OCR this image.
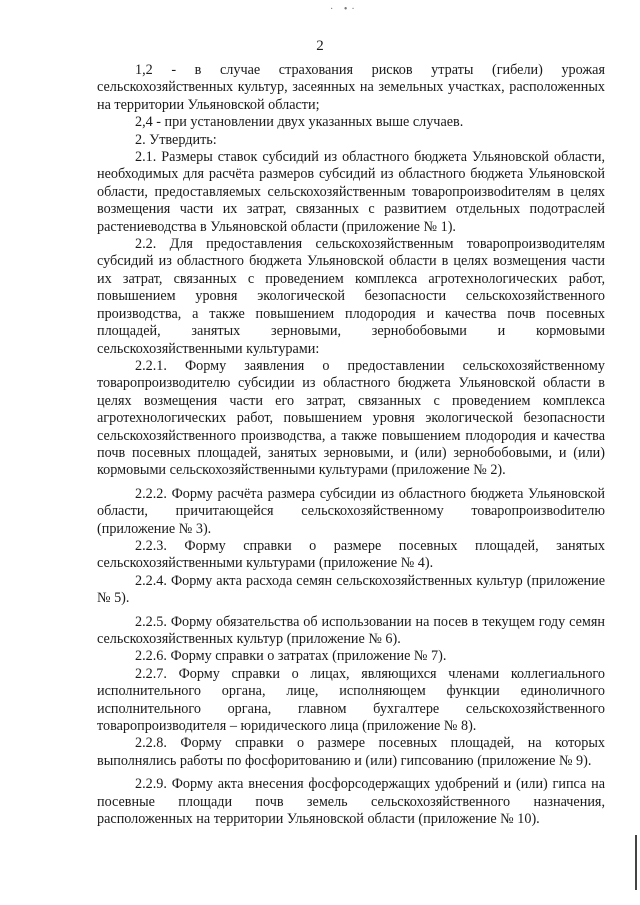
· •·
2

1,2 - в случае страхования рисков утраты (гибели) урожая сельскохозяйственных культур, засеянных на земельных участках, расположенных на территории Ульяновской области;

2,4 - при установлении двух указанных выше случаев.

2. Утвердить:

2.1. Размеры ставок субсидий из областного бюджета Ульяновской области, необходимых для расчёта размеров субсидий из областного бюджета Ульяновской области, предоставляемых сельскохозяйственным товаропроизвоdителям в целях возмещения части их затрат, связанных с развитием отдельных подотраслей растениеводства в Ульяновской области (приложение № 1).

2.2. Для предоставления сельскохозяйственным товаропроизводителям субсидий из областного бюджета Ульяновской области в целях возмещения части их затрат, связанных с проведением комплекса агротехнологических работ, повышением уровня экологической безопасности сельскохозяйственного производства, а также повышением плодородия и качества почв посевных площадей, занятых зерновыми, зернобобовыми и кормовыми сельскохозяйственными культурами:

2.2.1. Форму заявления о предоставлении сельскохозяйственному товаропроизводителю субсидии из областного бюджета Ульяновской области в целях возмещения части его затрат, связанных с проведением комплекса агротехнологических работ, повышением уровня экологической безопасности сельскохозяйственного производства, а также повышением плодородия и качества почв посевных площадей, занятых зерновыми, и (или) зернобобовыми, и (или) кормовыми сельскохозяйственными культурами (приложение № 2).

2.2.2. Форму расчёта размера субсидии из областного бюджета Ульяновской области, причитающейся сельскохозяйственному товаропроизвоdителю (приложение № 3).

2.2.3. Форму справки о размере посевных площадей, занятых сельскохозяйственными культурами (приложение № 4).

2.2.4. Форму акта расхода семян сельскохозяйственных культур (приложение № 5).

2.2.5. Форму обязательства об использовании на посев в текущем году семян сельскохозяйственных культур (приложение № 6).

2.2.6. Форму справки о затратах (приложение № 7).

2.2.7. Форму справки о лицах, являющихся членами коллегиального исполнительного органа, лице, исполняющем функции единоличного исполнительного органа, главном бухгалтере сельскохозяйственного товаропроизводителя – юридического лица (приложение № 8).

2.2.8. Форму справки о размере посевных площадей, на которых выполнялись работы по фосфоритованию и (или) гипсованию (приложение № 9).

2.2.9. Форму акта внесения фосфорсодержащих удобрений и (или) гипса на посевные площади почв земель сельскохозяйственного назначения, расположенных на территории Ульяновской области (приложение № 10).
